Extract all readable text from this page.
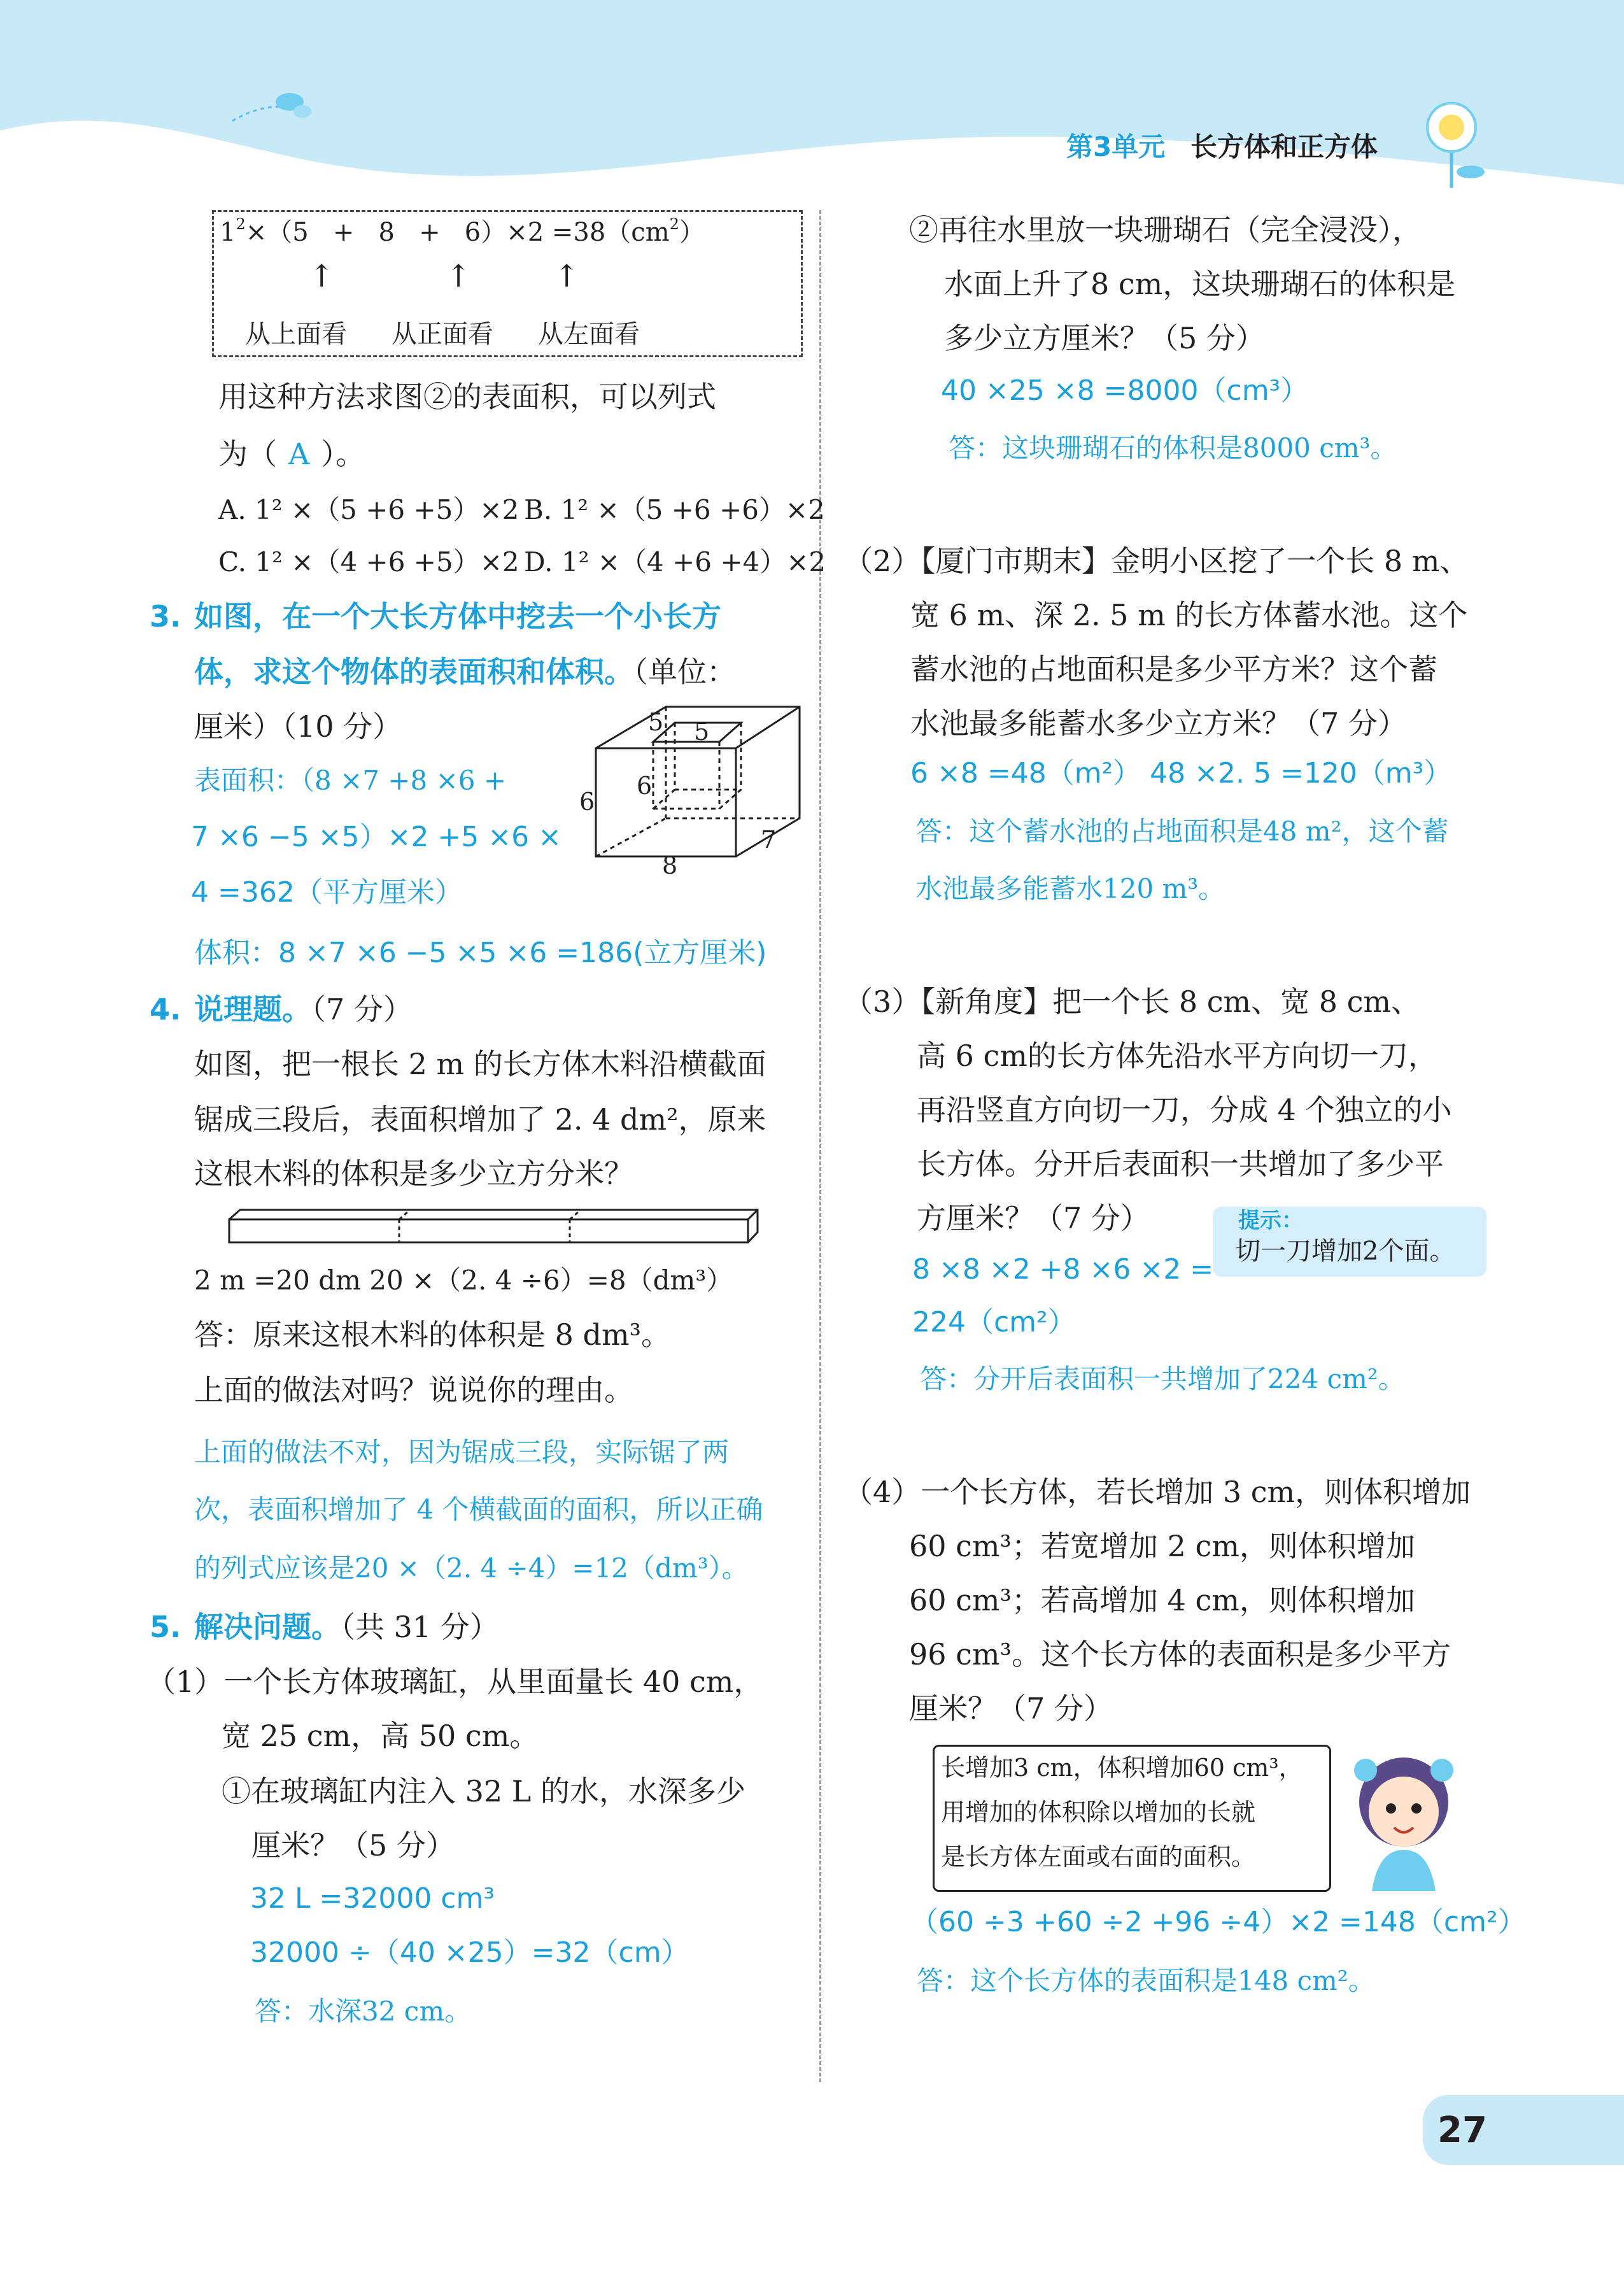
第3单元 长方体和正方体
$1^2\times(5 + 8 + 6)\times 2 =38(cm^2)$
↑	↑	↑
从上面看 从正面看 从左面看
用这种方法求图②的表面积，可以列式
为（ A ）。
A. 1² ×（5 +6 +5）×2 B. 1² ×（5 +6 +6）×2
C. 1² ×（4 +6 +5）×2 D. 1² ×（4 +6 +4）×2
3. 如图，在一个大长方体中挖去一个小长方
体，求这个物体的表面积和体积。（单位：
厘米）（10 分）
表面积：（8 ×7 +8 ×6 +
7 ×6 −5 ×5）×2 +5 ×6 ×
4 =362（平方厘米）
体积：8 ×7 ×6 −5 ×5 ×6 =186(立方厘米)
5 5
6
6
7
8
4. 说理题。（7 分）
如图，把一根长 2 m 的长方体木料沿横截面
锯成三段后，表面积增加了 2. 4 dm²，原来
这根木料的体积是多少立方分米？
2 m =20 dm 20 ×（2. 4 ÷6）=8（dm³）
答：原来这根木料的体积是 8 dm³。
上面的做法对吗？说说你的理由。
上面的做法不对，因为锯成三段，实际锯了两
次，表面积增加了 4 个横截面的面积，所以正确
的列式应该是20 ×（2. 4 ÷4）=12（dm³）。
5. 解决问题。（共 31 分）
（1）一个长方体玻璃缸，从里面量长 40 cm，
宽 25 cm，高 50 cm。
①在玻璃缸内注入 32 L 的水，水深多少
厘米？（5 分）
32 L =32000 cm³
32000 ÷（40 ×25）=32（cm）
答：水深32 cm。
②再往水里放一块珊瑚石（完全浸没），
水面上升了8 cm，这块珊瑚石的体积是
多少立方厘米？（5 分）
40 ×25 ×8 =8000（cm³）
答：这块珊瑚石的体积是8000 cm³。
（2）【厦门市期末】金明小区挖了一个长 8 m、
宽 6 m、深 2. 5 m 的长方体蓄水池。这个
蓄水池的占地面积是多少平方米？这个蓄
水池最多能蓄水多少立方米？（7 分）
6 ×8 =48（m²） 48 ×2. 5 =120（m³）
答：这个蓄水池的占地面积是48 m²，这个蓄
水池最多能蓄水120 m³。
（3）【新角度】把一个长 8 cm、宽 8 cm、
高 6 cm的长方体先沿水平方向切一刀，
再沿竖直方向切一刀，分成 4 个独立的小
长方体。分开后表面积一共增加了多少平
方厘米？（7 分）	提示：
切一刀增加2个面。
8 ×8 ×2 +8 ×6 ×2 =
224（cm²）
答：分开后表面积一共增加了224 cm²。
（4）一个长方体，若长增加 3 cm，则体积增加
60 cm³；若宽增加 2 cm，则体积增加
60 cm³；若高增加 4 cm，则体积增加
96 cm³。这个长方体的表面积是多少平方
厘米？（7 分）
长增加3 cm，体积增加60 cm³，
用增加的体积除以增加的长就
是长方体左面或右面的面积。
（60 ÷3 +60 ÷2 +96 ÷4）×2 =148（cm²）
答：这个长方体的表面积是148 cm²。
27
